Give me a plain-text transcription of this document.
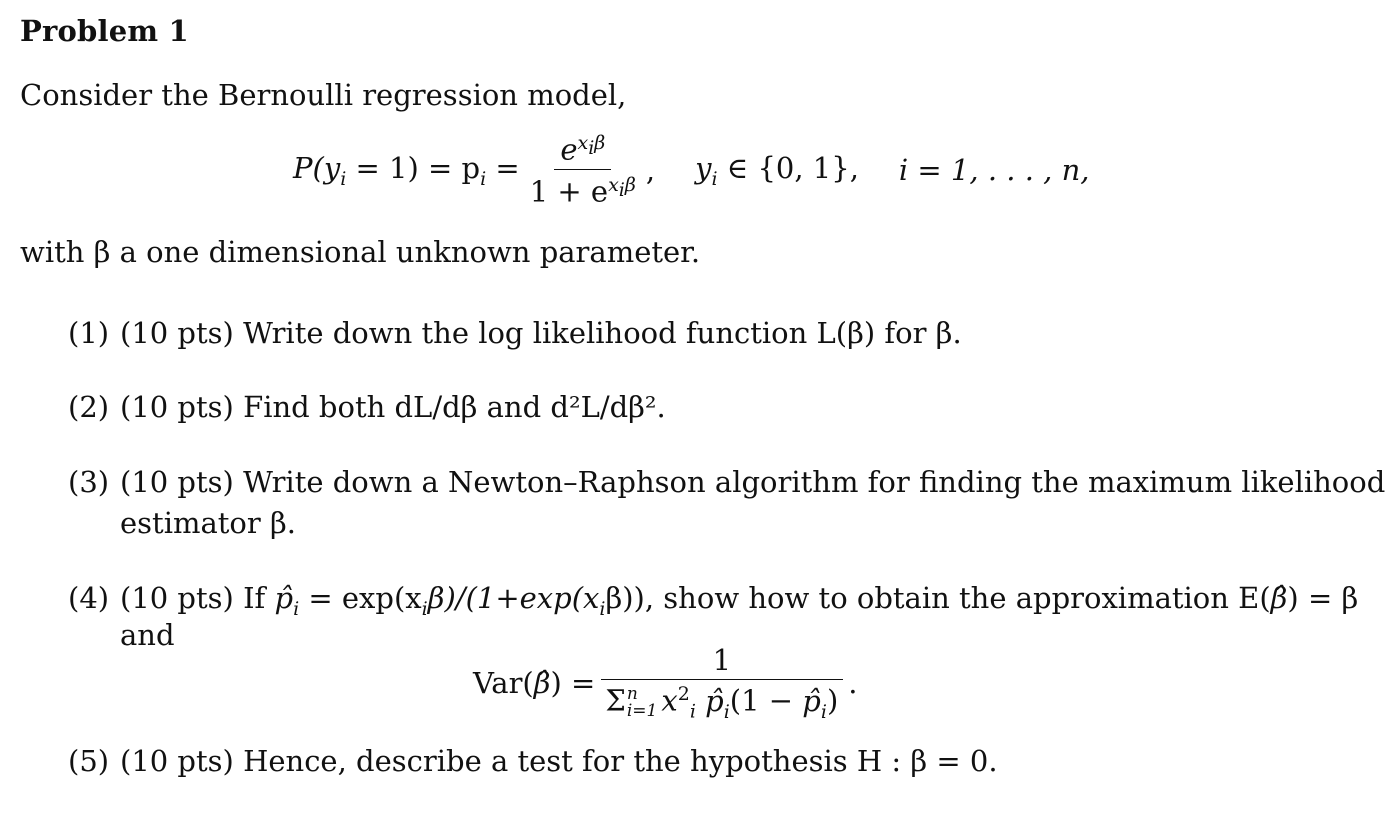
Problem 1
Consider the Bernoulli regression model,
$P(y_i = 1) = p_i = \frac{e^{x_i\beta}}{1 + e^{x_i\beta}}$ , $y_i$ ∈ {0, 1}, i = 1, . . . , n,
with β a one dimensional unknown parameter.
(1) (10 pts) Write down the log likelihood function L(β) for β.
(2) (10 pts) Find both dL/dβ and d²L/dβ².
(3) (10 pts) Write down a Newton–Raphson algorithm for finding the maximum likelihood
estimator β.
(4) (10 pts) If $p̂_i = \exp(x_i\beta)/(1+\exp(x_i\beta))$, show how to obtain the approximation E(β̂) = β
and
Var(β̂) = 1
Σ n
i=1 $x^2_i$ $p̂_i(1$ − $p̂_i$) .
(5) (10 pts) Hence, describe a test for the hypothesis H : β = 0.
